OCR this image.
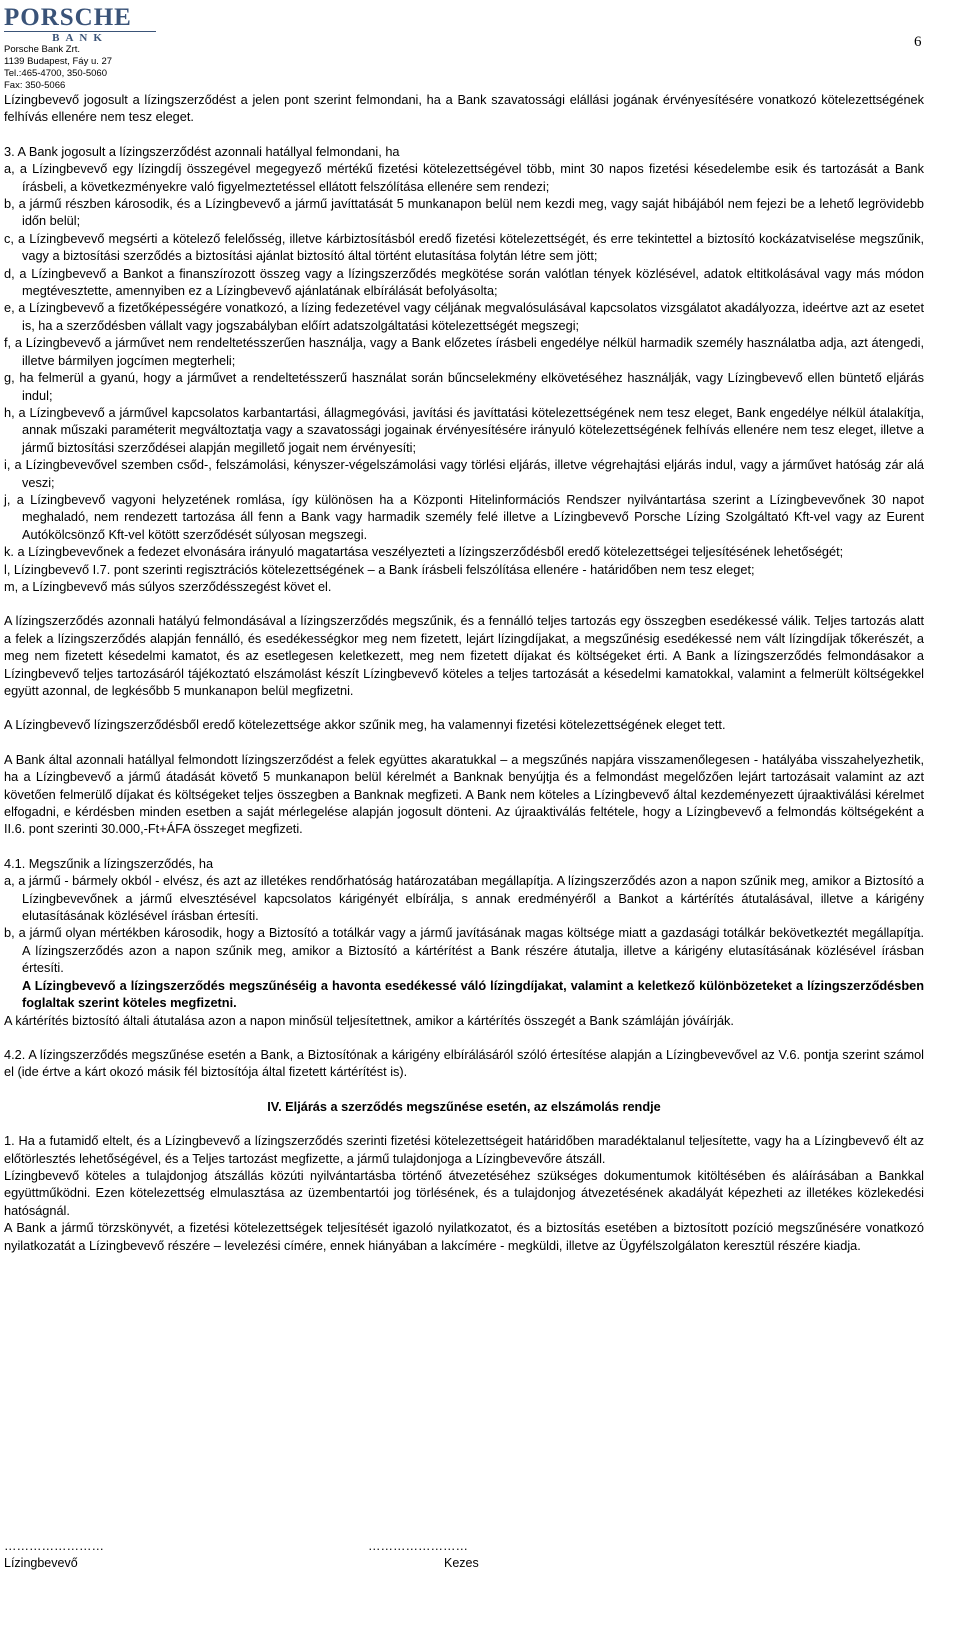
PORSCHE
BANK
Porsche Bank Zrt.
1139 Budapest, Fáy u. 27
Tel.:465-4700, 350-5060
Fax: 350-5066
6

Lízingbevevő jogosult a lízingszerződést a jelen pont szerint felmondani, ha a Bank szavatossági elállási jogának érvényesítésére vonatkozó kötelezettségének felhívás ellenére nem tesz eleget.

3. A Bank jogosult a lízingszerződést azonnali hatállyal felmondani, ha

a, a Lízingbevevő egy lízingdíj összegével megegyező mértékű fizetési kötelezettségével több, mint 30 napos fizetési késedelembe esik és tartozását a Bank írásbeli, a következményekre való figyelmeztetéssel ellátott felszólítása ellenére sem rendezi;

b, a jármű részben károsodik, és a Lízingbevevő a jármű javíttatását 5 munkanapon belül nem kezdi meg, vagy saját hibájából nem fejezi be a lehető legrövidebb időn belül;

c, a Lízingbevevő megsérti a kötelező felelősség, illetve kárbiztosításból eredő fizetési kötelezettségét, és erre tekintettel a biztosító kockázatviselése megszűnik, vagy a biztosítási szerződés a biztosítási ajánlat biztosító által történt elutasítása folytán létre sem jött;

d, a Lízingbevevő a Bankot a finanszírozott összeg vagy a lízingszerződés megkötése során valótlan tények közlésével, adatok eltitkolásával vagy más módon megtévesztette, amennyiben ez a Lízingbevevő ajánlatának elbírálását befolyásolta;

e, a Lízingbevevő a fizetőképességére vonatkozó, a lízing fedezetével vagy céljának megvalósulásával kapcsolatos vizsgálatot akadályozza, ideértve azt az esetet is, ha a szerződésben vállalt vagy jogszabályban előírt adatszolgáltatási kötelezettségét megszegi;

f, a Lízingbevevő a járművet nem rendeltetésszerűen használja, vagy a Bank előzetes írásbeli engedélye nélkül harmadik személy használatba adja, azt átengedi, illetve bármilyen jogcímen megterheli;

g, ha felmerül a gyanú, hogy a járművet a rendeltetésszerű használat során bűncselekmény elkövetéséhez használják, vagy Lízingbevevő ellen büntető eljárás indul;

h, a Lízingbevevő a járművel kapcsolatos karbantartási, állagmegóvási, javítási és javíttatási kötelezettségének nem tesz eleget, Bank engedélye nélkül átalakítja, annak műszaki paraméterit megváltoztatja vagy a szavatossági jogainak érvényesítésére irányuló kötelezettségének felhívás ellenére nem tesz eleget, illetve a jármű biztosítási szerződései alapján megillető jogait nem érvényesíti;

i, a Lízingbevevővel szemben csőd-, felszámolási, kényszer-végelszámolási vagy törlési eljárás, illetve végrehajtási eljárás indul, vagy a járművet hatóság zár alá veszi;

j, a Lízingbevevő vagyoni helyzetének romlása, így különösen ha a Központi Hitelinformációs Rendszer nyilvántartása szerint a Lízingbevevőnek 30 napot meghaladó, nem rendezett tartozása áll fenn a Bank vagy harmadik személy felé illetve a Lízingbevevő Porsche Lízing Szolgáltató Kft-vel vagy az Eurent Autókölcsönző Kft-vel kötött szerződését súlyosan megszegi.

k. a Lízingbevevőnek a fedezet elvonására irányuló magatartása veszélyezteti a lízingszerződésből eredő kötelezettségei teljesítésének lehetőségét;

l, Lízingbevevő I.7. pont szerinti regisztrációs kötelezettségének – a Bank írásbeli felszólítása ellenére - határidőben nem tesz eleget;

m, a Lízingbevevő más súlyos szerződésszegést követ el.

A lízingszerződés azonnali hatályú felmondásával a lízingszerződés megszűnik, és a fennálló teljes tartozás egy összegben esedékessé válik. Teljes tartozás alatt a felek a lízingszerződés alapján fennálló, és esedékességkor meg nem fizetett, lejárt lízingdíjakat, a megszűnésig esedékessé nem vált lízingdíjak tőkerészét, a meg nem fizetett késedelmi kamatot, és az esetlegesen keletkezett, meg nem fizetett díjakat és költségeket érti. A Bank a lízingszerződés felmondásakor a Lízingbevevő teljes tartozásáról tájékoztató elszámolást készít Lízingbevevő köteles a teljes tartozását a késedelmi kamatokkal, valamint a felmerült költségekkel együtt azonnal, de legkésőbb 5 munkanapon belül megfizetni.

A Lízingbevevő lízingszerződésből eredő kötelezettsége akkor szűnik meg, ha valamennyi fizetési kötelezettségének eleget tett.

A Bank által azonnali hatállyal felmondott lízingszerződést a felek együttes akaratukkal – a megszűnés napjára visszamenőlegesen - hatályába visszahelyezhetik, ha a Lízingbevevő a jármű átadását követő 5 munkanapon belül kérelmét a Banknak benyújtja és a felmondást megelőzően lejárt tartozásait valamint az azt követően felmerülő díjakat és költségeket teljes összegben a Banknak megfizeti. A Bank nem köteles a Lízingbevevő által kezdeményezett újraaktiválási kérelmet elfogadni, e kérdésben minden esetben a saját mérlegelése alapján jogosult dönteni. Az újraaktiválás feltétele, hogy a Lízingbevevő a felmondás költségeként a II.6. pont szerinti 30.000,-Ft+ÁFA összeget megfizeti.

4.1. Megszűnik a lízingszerződés, ha

a, a jármű - bármely okból - elvész, és azt az illetékes rendőrhatóság határozatában megállapítja. A lízingszerződés azon a napon szűnik meg, amikor a Biztosító a Lízingbevevőnek a jármű elvesztésével kapcsolatos kárigényét elbírálja, s annak eredményéről a Bankot a kártérítés átutalásával, illetve a kárigény elutasításának közlésével írásban értesíti.

b, a jármű olyan mértékben károsodik, hogy a Biztosító a totálkár vagy a jármű javításának magas költsége miatt a gazdasági totálkár bekövetkeztét megállapítja. A lízingszerződés azon a napon szűnik meg, amikor a Biztosító a kártérítést a Bank részére átutalja, illetve a kárigény elutasításának közlésével írásban értesíti.

A Lízingbevevő a lízingszerződés megszűnéséig a havonta esedékessé váló lízingdíjakat, valamint a keletkező különbözeteket a lízingszerződésben foglaltak szerint köteles megfizetni.

A kártérítés biztosító általi átutalása azon a napon minősül teljesítettnek, amikor a kártérítés összegét a Bank számláján jóváírják.

4.2. A lízingszerződés megszűnése esetén a Bank, a Biztosítónak a kárigény elbírálásáról szóló értesítése alapján a Lízingbevevővel az V.6. pontja szerint számol el (ide értve a kárt okozó másik fél biztosítója által fizetett kártérítést is).

IV. Eljárás a szerződés megszűnése esetén, az elszámolás rendje

1. Ha a futamidő eltelt, és a Lízingbevevő a lízingszerződés szerinti fizetési kötelezettségeit határidőben maradéktalanul teljesítette, vagy ha a Lízingbevevő élt az előtörlesztés lehetőségével, és a Teljes tartozást megfizette, a jármű tulajdonjoga a Lízingbevevőre átszáll.

Lízingbevevő köteles a tulajdonjog átszállás közúti nyilvántartásba történő átvezetéséhez szükséges dokumentumok kitöltésében és aláírásában a Bankkal együttműködni. Ezen kötelezettség elmulasztása az üzembentartói jog törlésének, és a tulajdonjog átvezetésének akadályát képezheti az illetékes közlekedési hatóságnál.

A Bank a jármű törzskönyvét, a fizetési kötelezettségek teljesítését igazoló nyilatkozatot, és a biztosítás esetében a biztosított pozíció megszűnésére vonatkozó nyilatkozatát a Lízingbevevő részére – levelezési címére, ennek hiányában a lakcímére - megküldi, illetve az Ügyfélszolgálaton keresztül részére kiadja.

……………………
Lízingbevevő
……………………
Kezes
